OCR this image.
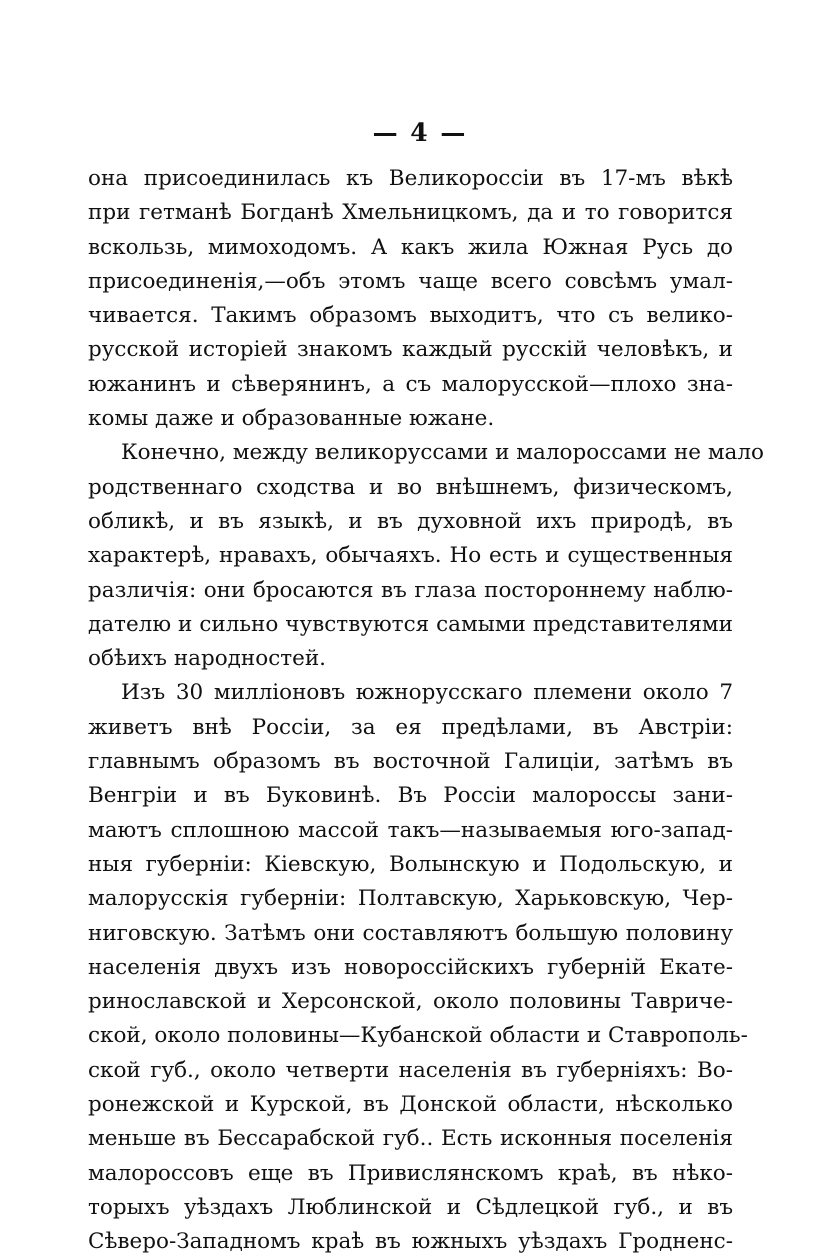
— 4 —
она присоединилась къ Великороссіи въ 17-мъ вѣкѣ
при гетманѣ Богданѣ Хмельницкомъ, да и то говорится
вскользь, мимоходомъ. А какъ жила Южная Русь до
присоединенія,—объ этомъ чаще всего совсѣмъ умал-
чивается. Такимъ образомъ выходитъ, что съ велико-
русской исторіей знакомъ каждый русскій человѣкъ, и
южанинъ и сѣверянинъ, а съ малорусской—плохо зна-
комы даже и образованные южане.
Конечно, между великоруссами и малороссами не мало
родственнаго сходства и во внѣшнемъ, физическомъ,
обликѣ, и въ языкѣ, и въ духовной ихъ природѣ, въ
характерѣ, нравахъ, обычаяхъ. Но есть и существенныя
различія: они бросаются въ глаза постороннему наблю-
дателю и сильно чувствуются самыми представителями
обѣихъ народностей.
Изъ 30 милліоновъ южнорусскаго племени около 7
живетъ внѣ Россіи, за ея предѣлами, въ Австріи:
главнымъ образомъ въ восточной Галиціи, затѣмъ въ
Венгріи и въ Буковинѣ. Въ Россіи малороссы зани-
маютъ сплошною массой такъ—называемыя юго-запад-
ныя губерніи: Кіевскую, Волынскую и Подольскую, и
малорусскія губерніи: Полтавскую, Харьковскую, Чер-
ниговскую. Затѣмъ они составляютъ большую половину
населенія двухъ изъ новороссійскихъ губерній Екате-
ринославской и Херсонской, около половины Тавриче-
ской, около половины—Кубанской области и Ставрополь-
ской губ., около четверти населенія въ губерніяхъ: Во-
ронежской и Курской, въ Донской области, нѣсколько
меньше въ Бессарабской губ.. Есть исконныя поселенія
малороссовъ еще въ Привислянскомъ краѣ, въ нѣко-
торыхъ уѣздахъ Люблинской и Сѣдлецкой губ., и въ
Сѣверо-Западномъ краѣ въ южныхъ уѣздахъ Гродненс-
